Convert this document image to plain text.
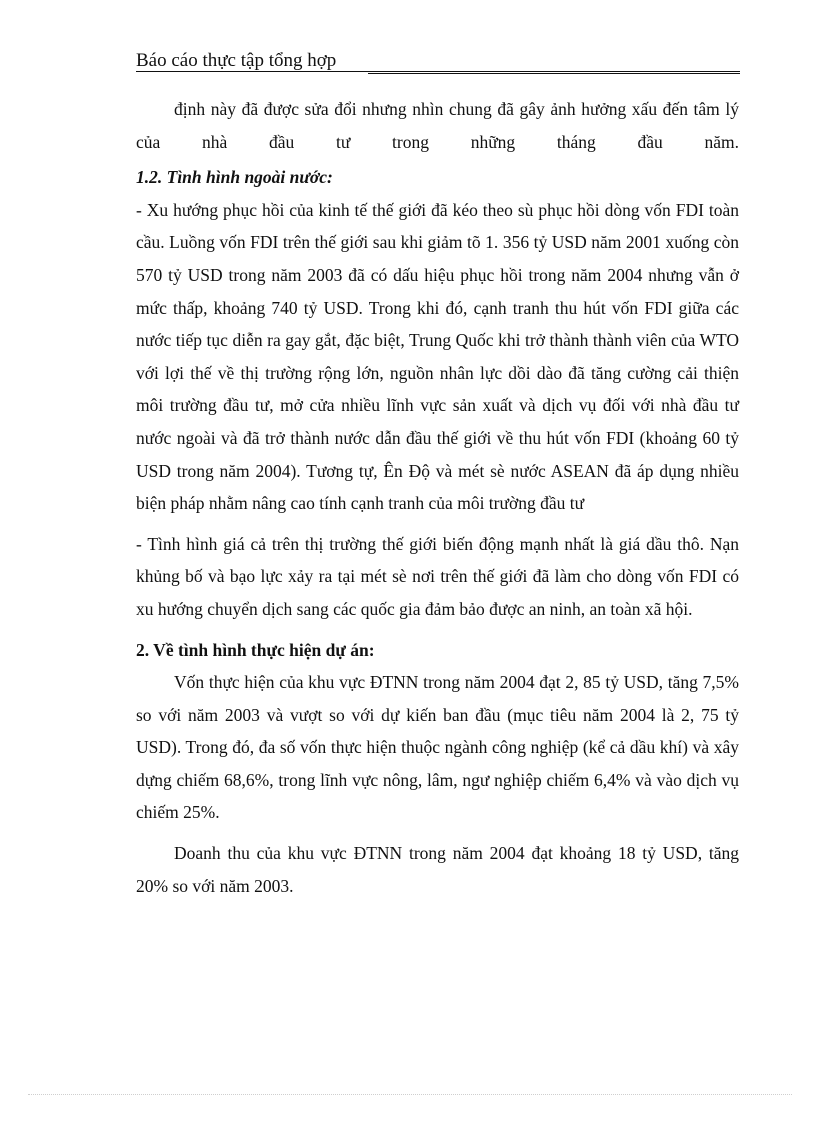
Báo cáo thực tập tổng hợp

định này đã được sửa đổi nhưng nhìn chung đã gây ảnh hưởng xấu đến tâm lý của nhà đầu tư trong những tháng đầu năm.

1.2. Tình hình ngoài nước:

- Xu hướng phục hồi của kinh tế thế giới đã kéo theo sù phục hồi dòng vốn FDI toàn cầu. Luồng vốn FDI trên thế giới sau khi giảm tõ 1. 356 tỷ USD năm 2001 xuống còn 570 tỷ USD trong năm 2003 đã có dấu hiệu phục hồi trong năm 2004 nhưng vẫn ở mức thấp, khoảng 740 tỷ USD. Trong khi đó, cạnh tranh thu hút vốn FDI giữa các nước tiếp tục diễn ra gay gắt, đặc biệt, Trung Quốc khi trở thành thành viên của WTO với lợi thế về thị trường rộng lớn, nguồn nhân lực dồi dào đã tăng cường cải thiện môi trường đầu tư, mở cửa nhiều lĩnh vực sản xuất và dịch vụ đối với nhà đầu tư nước ngoài và đã trở thành nước dẫn đầu thế giới về thu hút vốn FDI (khoảng 60 tỷ USD trong năm 2004). Tương tự, Ên Độ và mét sè nước ASEAN đã áp dụng nhiều biện pháp nhằm nâng cao tính cạnh tranh của môi trường đầu tư

- Tình hình giá cả trên thị trường thế giới biến động mạnh nhất là giá dầu thô. Nạn khủng bố và bạo lực xảy ra tại mét sè nơi trên thế giới đã làm cho dòng vốn FDI có xu hướng chuyển dịch sang các quốc gia đảm bảo được an ninh, an toàn xã hội.

2. Về tình hình thực hiện dự án:

Vốn thực hiện của khu vực ĐTNN trong năm 2004 đạt 2, 85 tỷ USD, tăng 7,5% so với năm 2003 và vượt so với dự kiến ban đầu (mục tiêu năm 2004 là 2, 75 tỷ USD). Trong đó, đa số vốn thực hiện thuộc ngành công nghiệp (kể cả dầu khí) và xây dựng chiếm 68,6%, trong lĩnh vực nông, lâm, ngư nghiệp chiếm 6,4% và vào dịch vụ chiếm 25%.

Doanh thu của khu vực ĐTNN trong năm 2004 đạt khoảng 18 tỷ USD, tăng 20% so với năm 2003.
